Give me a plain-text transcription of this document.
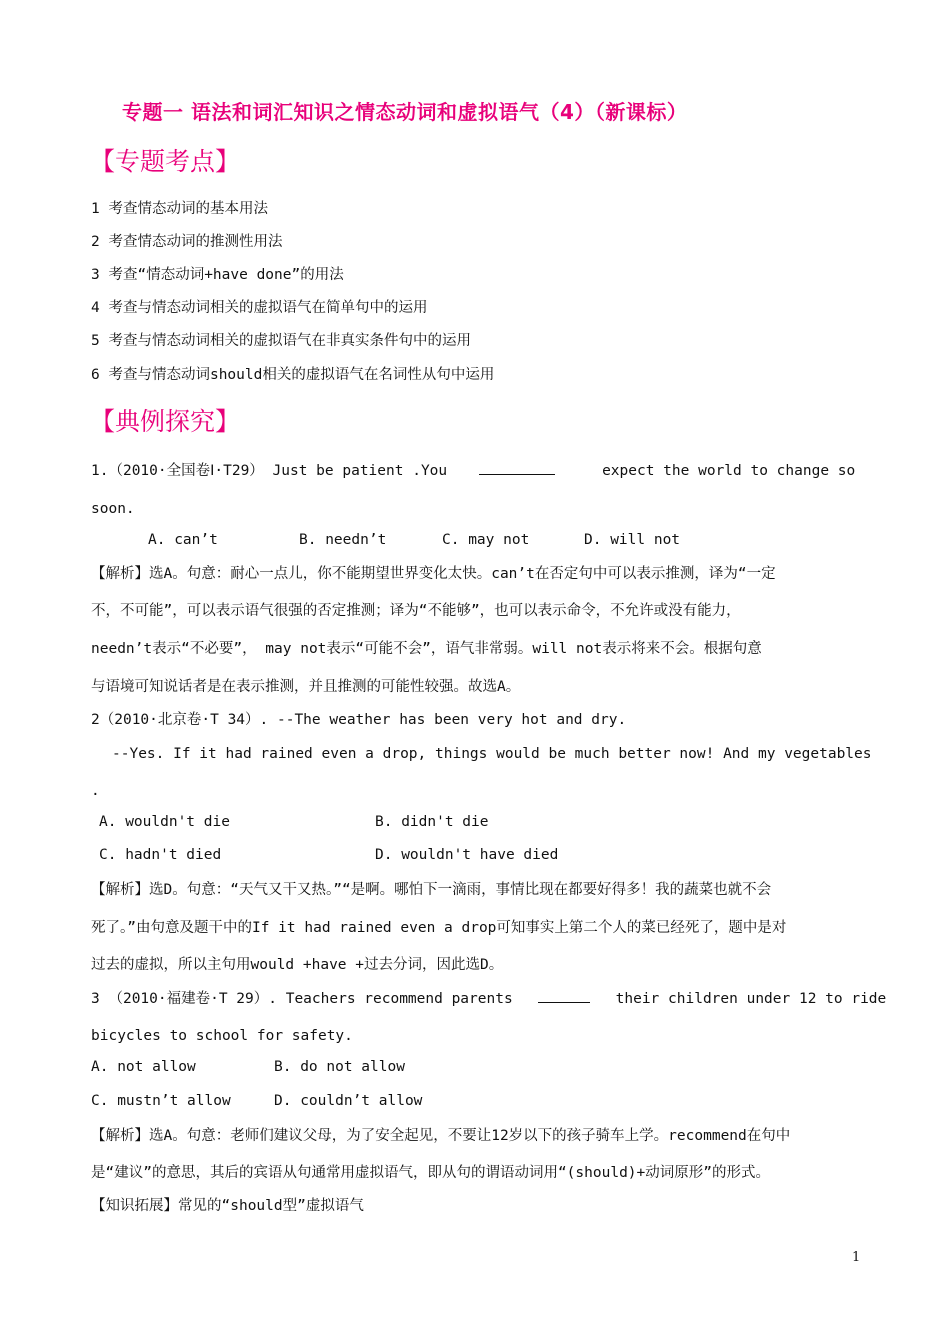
专题一 语法和词汇知识之情态动词和虚拟语气（4）（新课标）
【专题考点】
1 考查情态动词的基本用法
2 考查情态动词的推测性用法
3 考查“情态动词+have done”的用法
4 考查与情态动词相关的虚拟语气在简单句中的运用
5 考查与情态动词相关的虚拟语气在非真实条件句中的运用
6 考查与情态动词should相关的虚拟语气在名词性从句中运用
【典例探究】
1.（2010·全国卷Ⅰ·T29） Just be patient .You	expect the world to change so
soon.
A. can’t	B. needn’t	C. may not	D. will not
【解析】选A。句意：耐心一点儿，你不能期望世界变化太快。can’t在否定句中可以表示推测，译为“一定
不，不可能”，可以表示语气很强的否定推测；译为“不能够”，也可以表示命令，不允许或没有能力，
needn’t表示“不必要”， may not表示“可能不会”，语气非常弱。will not表示将来不会。根据句意
与语境可知说话者是在表示推测，并且推测的可能性较强。故选A。
2（2010·北京卷·T 34）. --The weather has been very hot and dry.
--Yes. If it had rained even a drop, things would be much better now! And my vegetables
.
A. wouldn't die	B. didn't die
C. hadn't died	D. wouldn't have died
【解析】选D。句意：“天气又干又热。”“是啊。哪怕下一滴雨，事情比现在都要好得多！我的蔬菜也就不会
死了。”由句意及题干中的If it had rained even a drop可知事实上第二个人的菜已经死了，题中是对
过去的虚拟，所以主句用would +have +过去分词，因此选D。
3 （2010·福建卷·T 29）. Teachers recommend parents	their children under 12 to ride
bicycles to school for safety.
A. not allow	B. do not allow
C. mustn’t allow	D. couldn’t allow
【解析】选A。句意：老师们建议父母，为了安全起见，不要让12岁以下的孩子骑车上学。recommend在句中
是“建议”的意思，其后的宾语从句通常用虚拟语气，即从句的谓语动词用“(should)+动词原形”的形式。
【知识拓展】常见的“should型”虚拟语气
1
